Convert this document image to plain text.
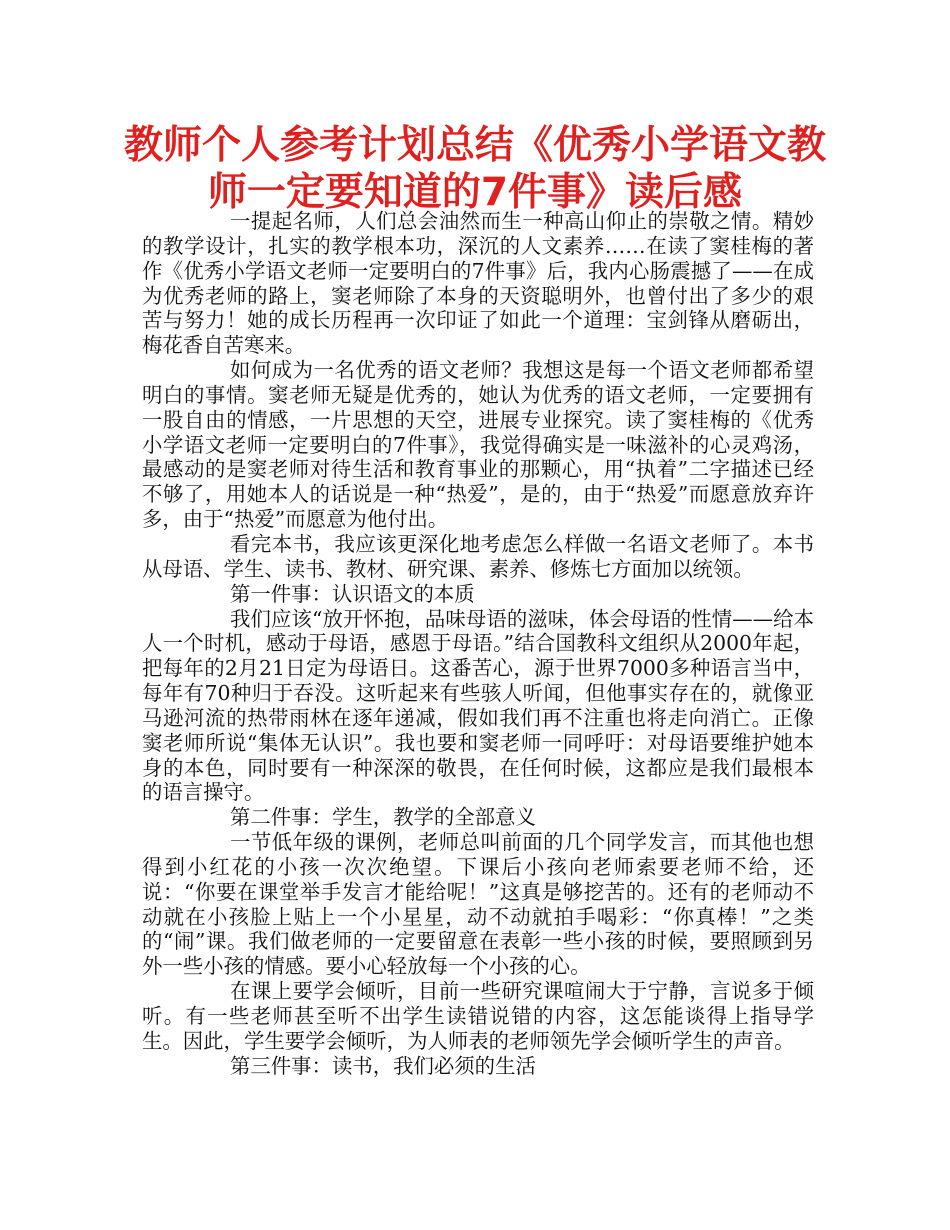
教师个人参考计划总结《优秀小学语文教师一定要知道的7件事》读后感

一提起名师，人们总会油然而生一种高山仰止的崇敬之情。精妙的教学设计，扎实的教学根本功，深沉的人文素养……在读了窦桂梅的著作《优秀小学语文老师一定要明白的7件事》后，我内心肠震撼了——在成为优秀老师的路上，窦老师除了本身的天资聪明外，也曾付出了多少的艰苦与努力！她的成长历程再一次印证了如此一个道理：宝剑锋从磨砺出，梅花香自苦寒来。

如何成为一名优秀的语文老师？我想这是每一个语文老师都希望明白的事情。窦老师无疑是优秀的，她认为优秀的语文老师，一定要拥有一股自由的情感，一片思想的天空，进展专业探究。读了窦桂梅的《优秀小学语文老师一定要明白的7件事》，我觉得确实是一味滋补的心灵鸡汤，最感动的是窦老师对待生活和教育事业的那颗心，用“执着”二字描述已经不够了，用她本人的话说是一种“热爱”，是的，由于“热爱”而愿意放弃许多，由于“热爱”而愿意为他付出。

看完本书，我应该更深化地考虑怎么样做一名语文老师了。本书从母语、学生、读书、教材、研究课、素养、修炼七方面加以统领。

第一件事：认识语文的本质

我们应该“放开怀抱，品味母语的滋味，体会母语的性情——给本人一个时机，感动于母语，感恩于母语。”结合国教科文组织从2000年起，把每年的2月21日定为母语日。这番苦心，源于世界7000多种语言当中，每年有70种归于吞没。这听起来有些骇人听闻，但他事实存在的，就像亚马逊河流的热带雨林在逐年递减，假如我们再不注重也将走向消亡。正像窦老师所说“集体无认识”。我也要和窦老师一同呼吁：对母语要维护她本身的本色，同时要有一种深深的敬畏，在任何时候，这都应是我们最根本的语言操守。

第二件事：学生，教学的全部意义

一节低年级的课例，老师总叫前面的几个同学发言，而其他也想得到小红花的小孩一次次绝望。下课后小孩向老师索要老师不给，还说：“你要在课堂举手发言才能给呢！”这真是够挖苦的。还有的老师动不动就在小孩脸上贴上一个小星星，动不动就拍手喝彩：“你真棒！”之类的“闹”课。我们做老师的一定要留意在表彰一些小孩的时候，要照顾到另外一些小孩的情感。要小心轻放每一个小孩的心。

在课上要学会倾听，目前一些研究课喧闹大于宁静，言说多于倾听。有一些老师甚至听不出学生读错说错的内容，这怎能谈得上指导学生。因此，学生要学会倾听，为人师表的老师领先学会倾听学生的声音。

第三件事：读书，我们必须的生活
